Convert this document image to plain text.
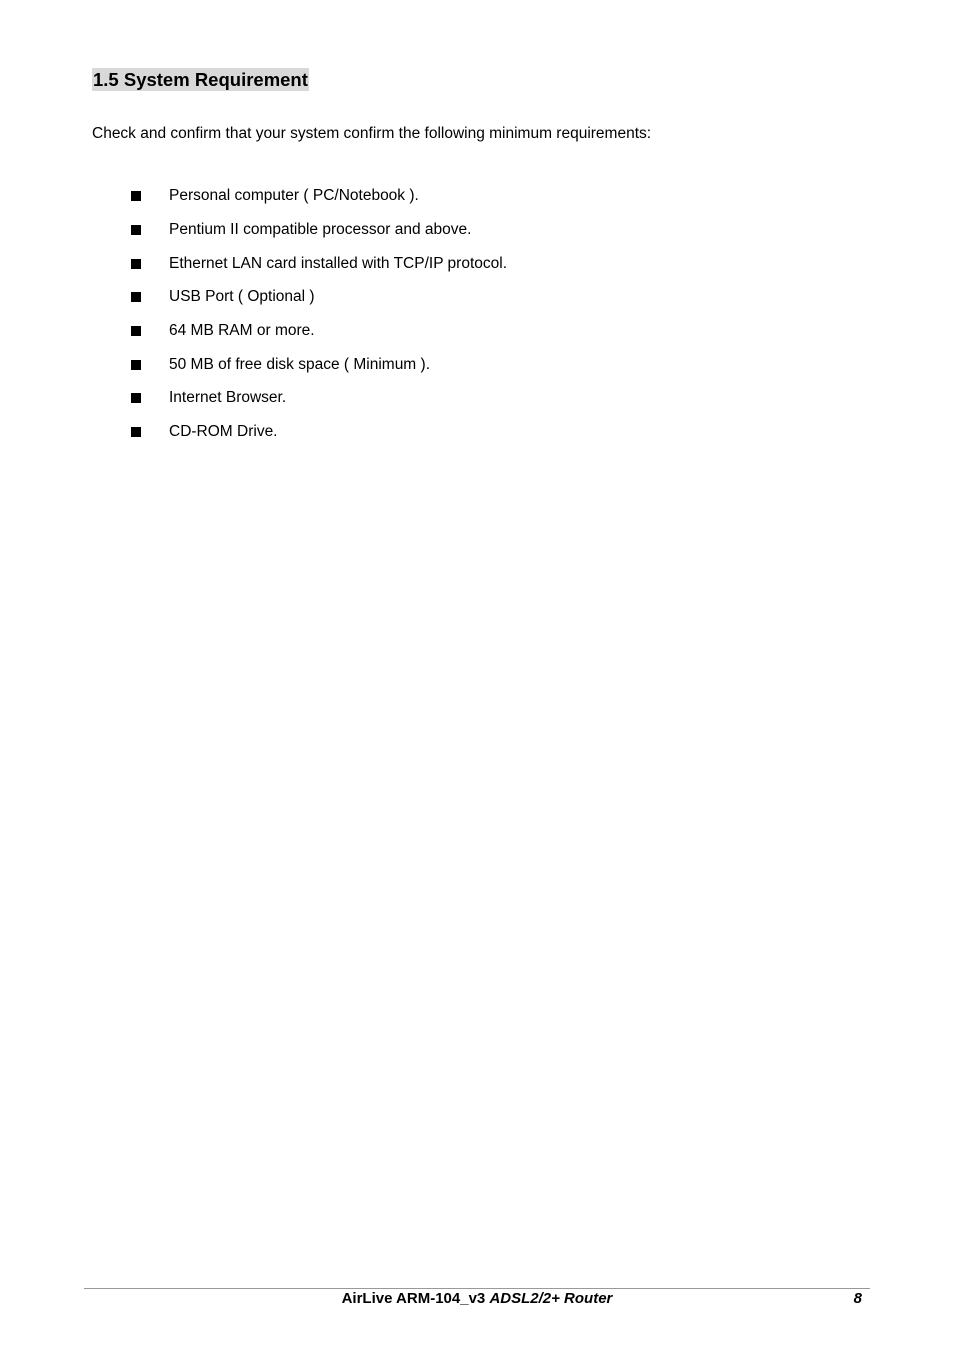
1.5 System Requirement
Check and confirm that your system confirm the following minimum requirements:
Personal computer ( PC/Notebook ).
Pentium II compatible processor and above.
Ethernet LAN card installed with TCP/IP protocol.
USB Port ( Optional )
64 MB RAM or more.
50 MB of free disk space ( Minimum ).
Internet Browser.
CD-ROM Drive.
AirLive ARM-104_v3 ADSL2/2+ Router	8
